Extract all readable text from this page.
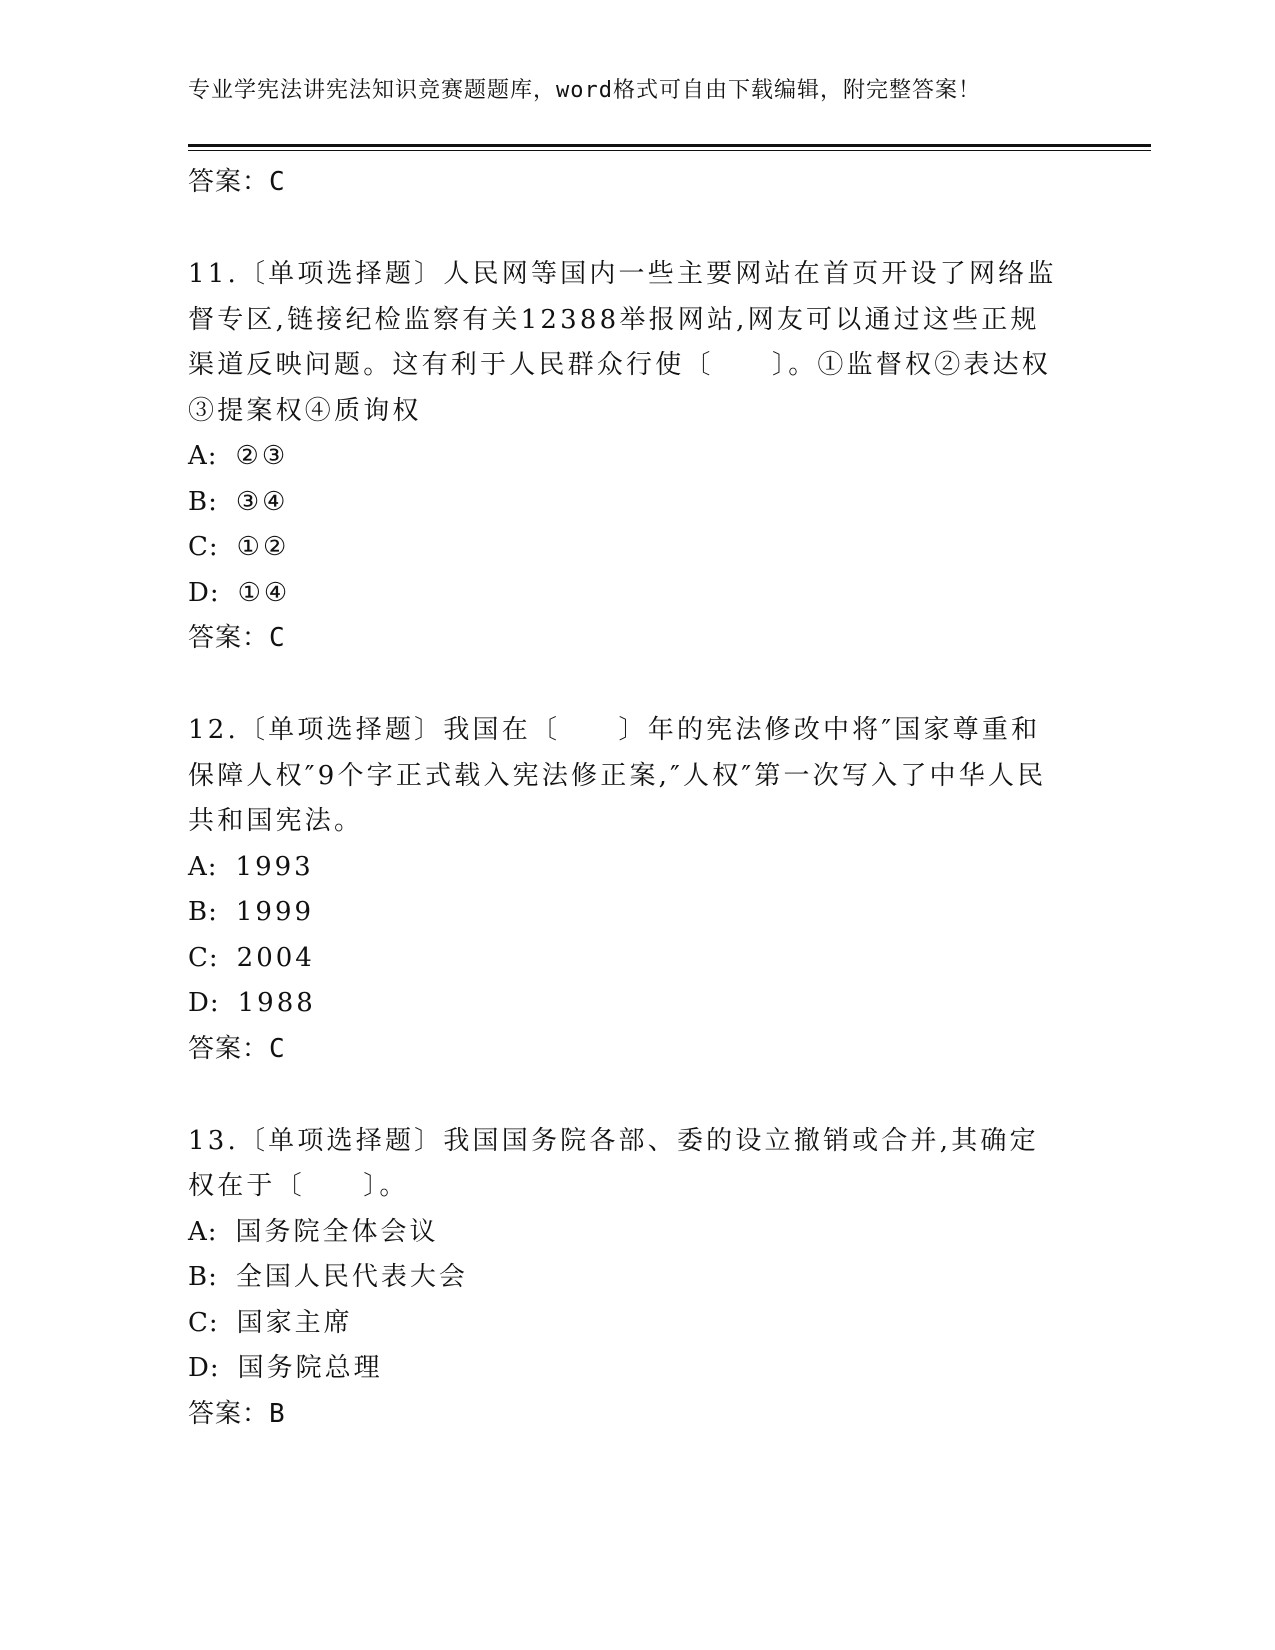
专业学宪法讲宪法知识竞赛题题库，word格式可自由下载编辑，附完整答案！
答案：C
11.〔单项选择题〕人民网等国内一些主要网站在首页开设了网络监督专区,链接纪检监察有关12388举报网站,网友可以通过这些正规渠道反映问题。这有利于人民群众行使〔　　〕。①监督权②表达权③提案权④质询权
A: ②③
B: ③④
C: ①②
D: ①④
答案：C
12.〔单项选择题〕我国在〔　　〕年的宪法修改中将″国家尊重和保障人权″9个字正式载入宪法修正案,″人权″第一次写入了中华人民共和国宪法。
A: 1993
B: 1999
C: 2004
D: 1988
答案：C
13.〔单项选择题〕我国国务院各部、委的设立撤销或合并,其确定权在于〔　　〕。
A: 国务院全体会议
B: 全国人民代表大会
C: 国家主席
D: 国务院总理
答案：B
